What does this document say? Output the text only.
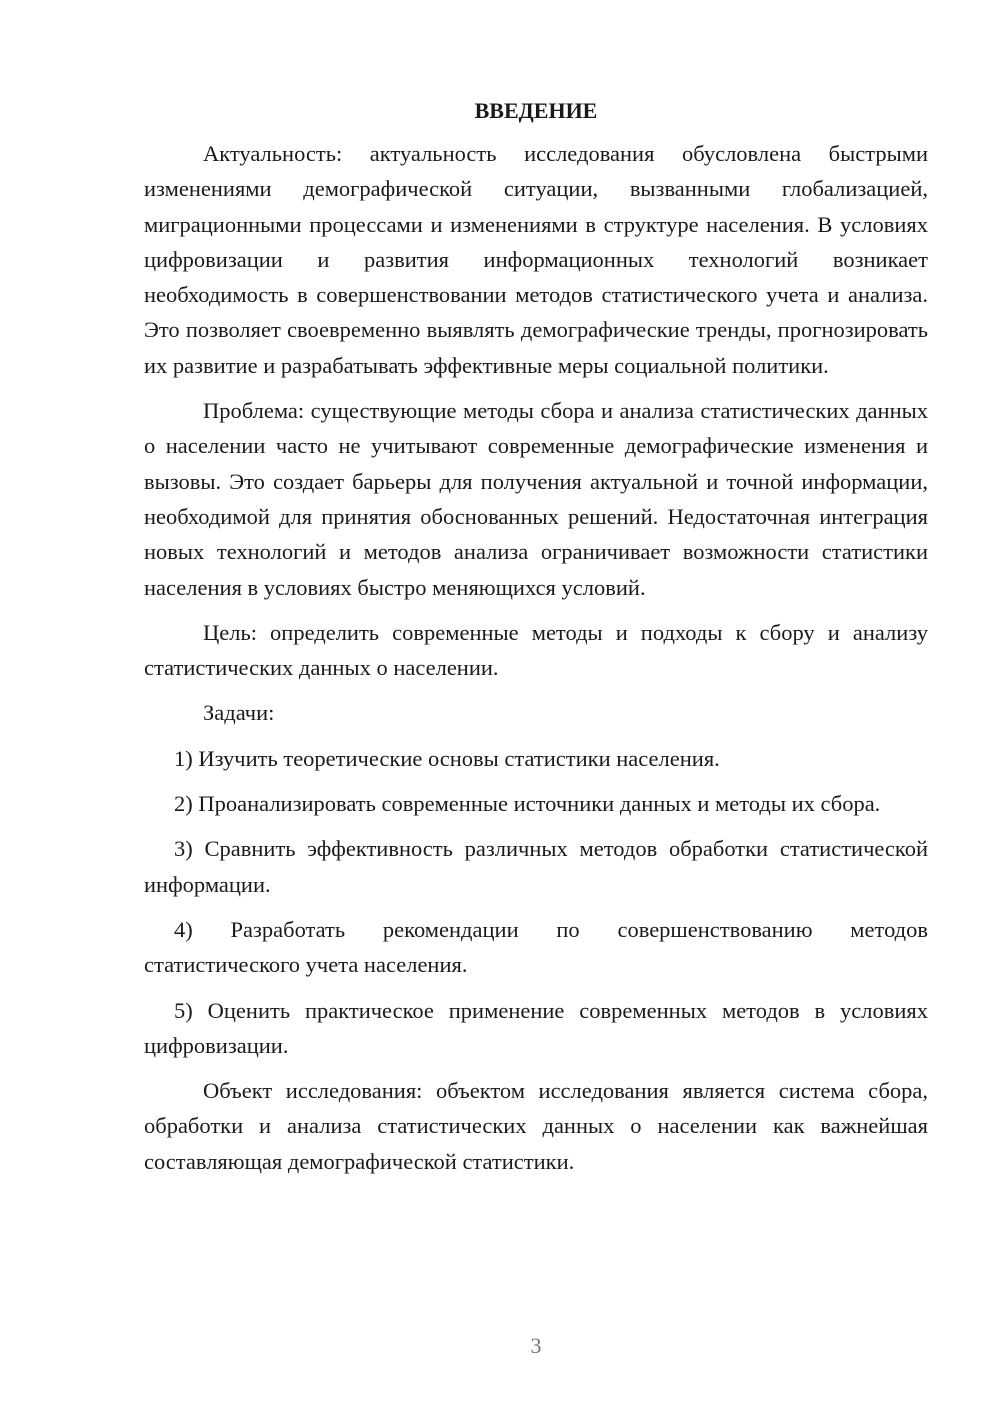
ВВЕДЕНИЕ

Актуальность: актуальность исследования обусловлена быстрыми изменениями демографической ситуации, вызванными глобализацией, миграционными процессами и изменениями в структуре населения. В условиях цифровизации и развития информационных технологий возникает необходимость в совершенствовании методов статистического учета и анализа. Это позволяет своевременно выявлять демографические тренды, прогнозировать их развитие и разрабатывать эффективные меры социальной политики.

Проблема: существующие методы сбора и анализа статистических данных о населении часто не учитывают современные демографические изменения и вызовы. Это создает барьеры для получения актуальной и точной информации, необходимой для принятия обоснованных решений. Недостаточная интеграция новых технологий и методов анализа ограничивает возможности статистики населения в условиях быстро меняющихся условий.

Цель: определить современные методы и подходы к сбору и анализу статистических данных о населении.

Задачи:

1) Изучить теоретические основы статистики населения.

2) Проанализировать современные источники данных и методы их сбора.

3) Сравнить эффективность различных методов обработки статистической информации.

4) Разработать рекомендации по совершенствованию методов статистического учета населения.

5) Оценить практическое применение современных методов в условиях цифровизации.

Объект исследования: объектом исследования является система сбора, обработки и анализа статистических данных о населении как важнейшая составляющая демографической статистики.

3
